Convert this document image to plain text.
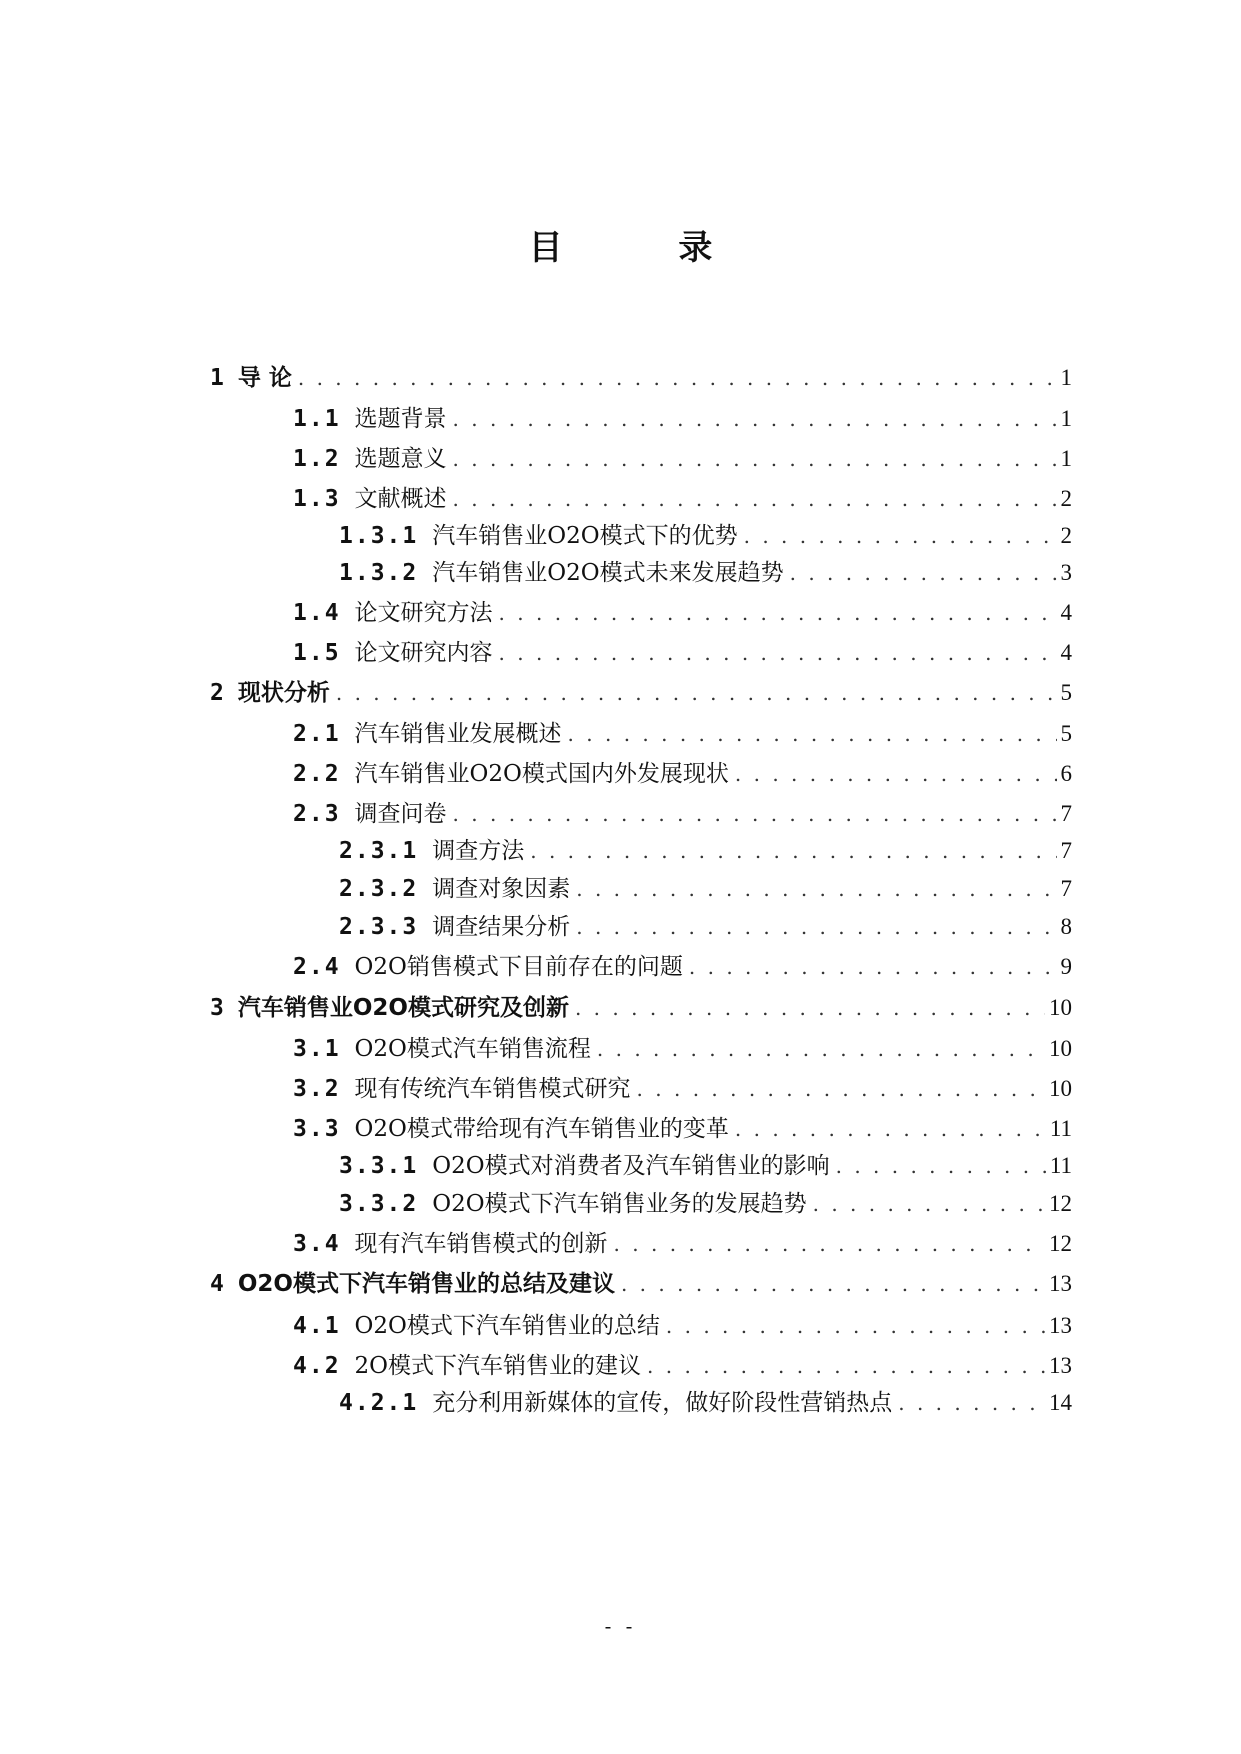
目 录
1 导 论 . . .	1
1.1 选题背景 . . .	1
1.2 选题意义 . . .	1
1.3 文献概述 . . .	2
1.3.1 汽车销售业O2O模式下的优势 . . .	2
1.3.2 汽车销售业O2O模式未来发展趋势 . . .	3
1.4 论文研究方法 . . .	4
1.5 论文研究内容 . . .	4
2 现状分析 . . .	5
2.1 汽车销售业发展概述 . . .	5
2.2 汽车销售业O2O模式国内外发展现状 . . .	6
2.3 调查问卷 . . .	7
2.3.1 调查方法 . . .	7
2.3.2 调查对象因素 . . .	7
2.3.3 调查结果分析 . . .	8
2.4 O2O销售模式下目前存在的问题 . . .	9
3 汽车销售业O2O模式研究及创新 . . .	10
3.1 O2O模式汽车销售流程 . . .	10
3.2 现有传统汽车销售模式研究 . . .	10
3.3 O2O模式带给现有汽车销售业的变革 . . .	11
3.3.1 O2O模式对消费者及汽车销售业的影响 . . .	11
3.3.2 O2O模式下汽车销售业务的发展趋势 . . .	12
3.4 现有汽车销售模式的创新 . . .	12
4 O2O模式下汽车销售业的总结及建议 . . .	13
4.1 O2O模式下汽车销售业的总结 . . .	13
4.2 2O模式下汽车销售业的建议 . . .	13
4.2.1 充分利用新媒体的宣传，做好阶段性营销热点 . . .	14
- -
